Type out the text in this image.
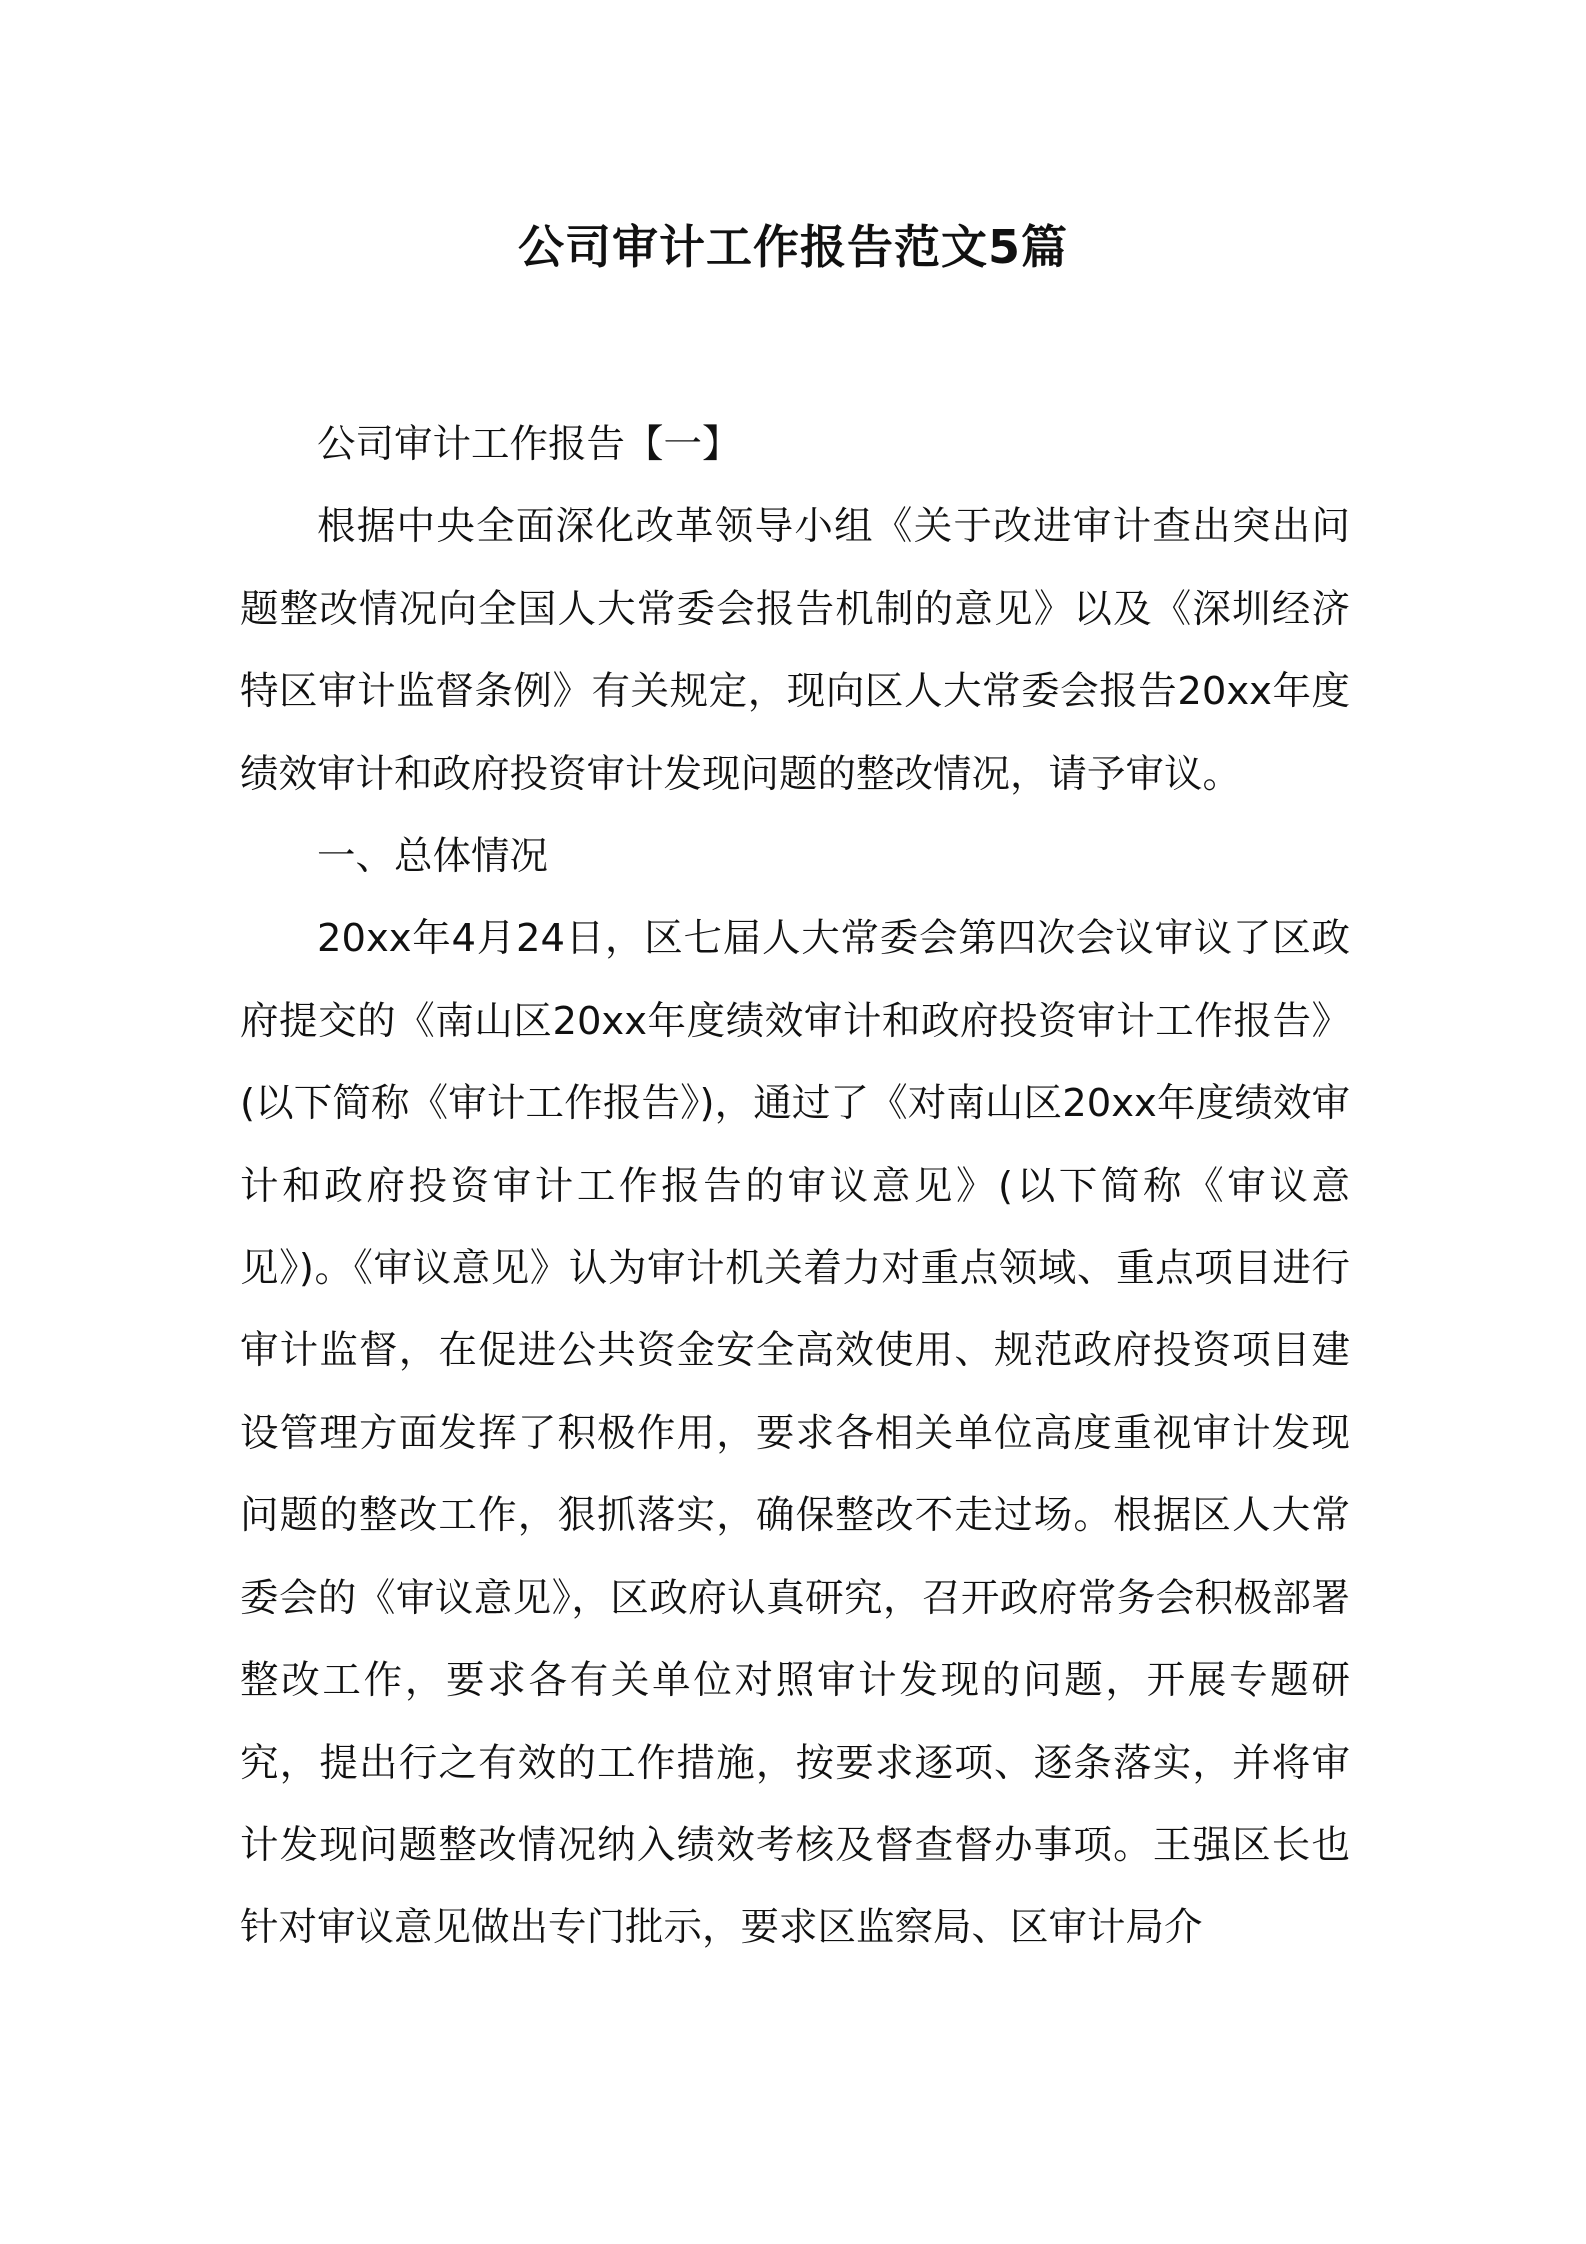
公司审计工作报告范文5篇

公司审计工作报告【一】

根据中央全面深化改革领导小组《关于改进审计查出突出问题整改情况向全国人大常委会报告机制的意见》以及《深圳经济特区审计监督条例》有关规定，现向区人大常委会报告20xx年度绩效审计和政府投资审计发现问题的整改情况，请予审议。

一、总体情况

20xx年4月24日，区七届人大常委会第四次会议审议了区政府提交的《南山区20xx年度绩效审计和政府投资审计工作报告》(以下简称《审计工作报告》)，通过了《对南山区20xx年度绩效审计和政府投资审计工作报告的审议意见》(以下简称《审议意见》)。《审议意见》认为审计机关着力对重点领域、重点项目进行审计监督，在促进公共资金安全高效使用、规范政府投资项目建设管理方面发挥了积极作用，要求各相关单位高度重视审计发现问题的整改工作，狠抓落实，确保整改不走过场。根据区人大常委会的《审议意见》，区政府认真研究，召开政府常务会积极部署整改工作，要求各有关单位对照审计发现的问题，开展专题研究，提出行之有效的工作措施，按要求逐项、逐条落实，并将审计发现问题整改情况纳入绩效考核及督查督办事项。王强区长也针对审议意见做出专门批示，要求区监察局、区审计局介
